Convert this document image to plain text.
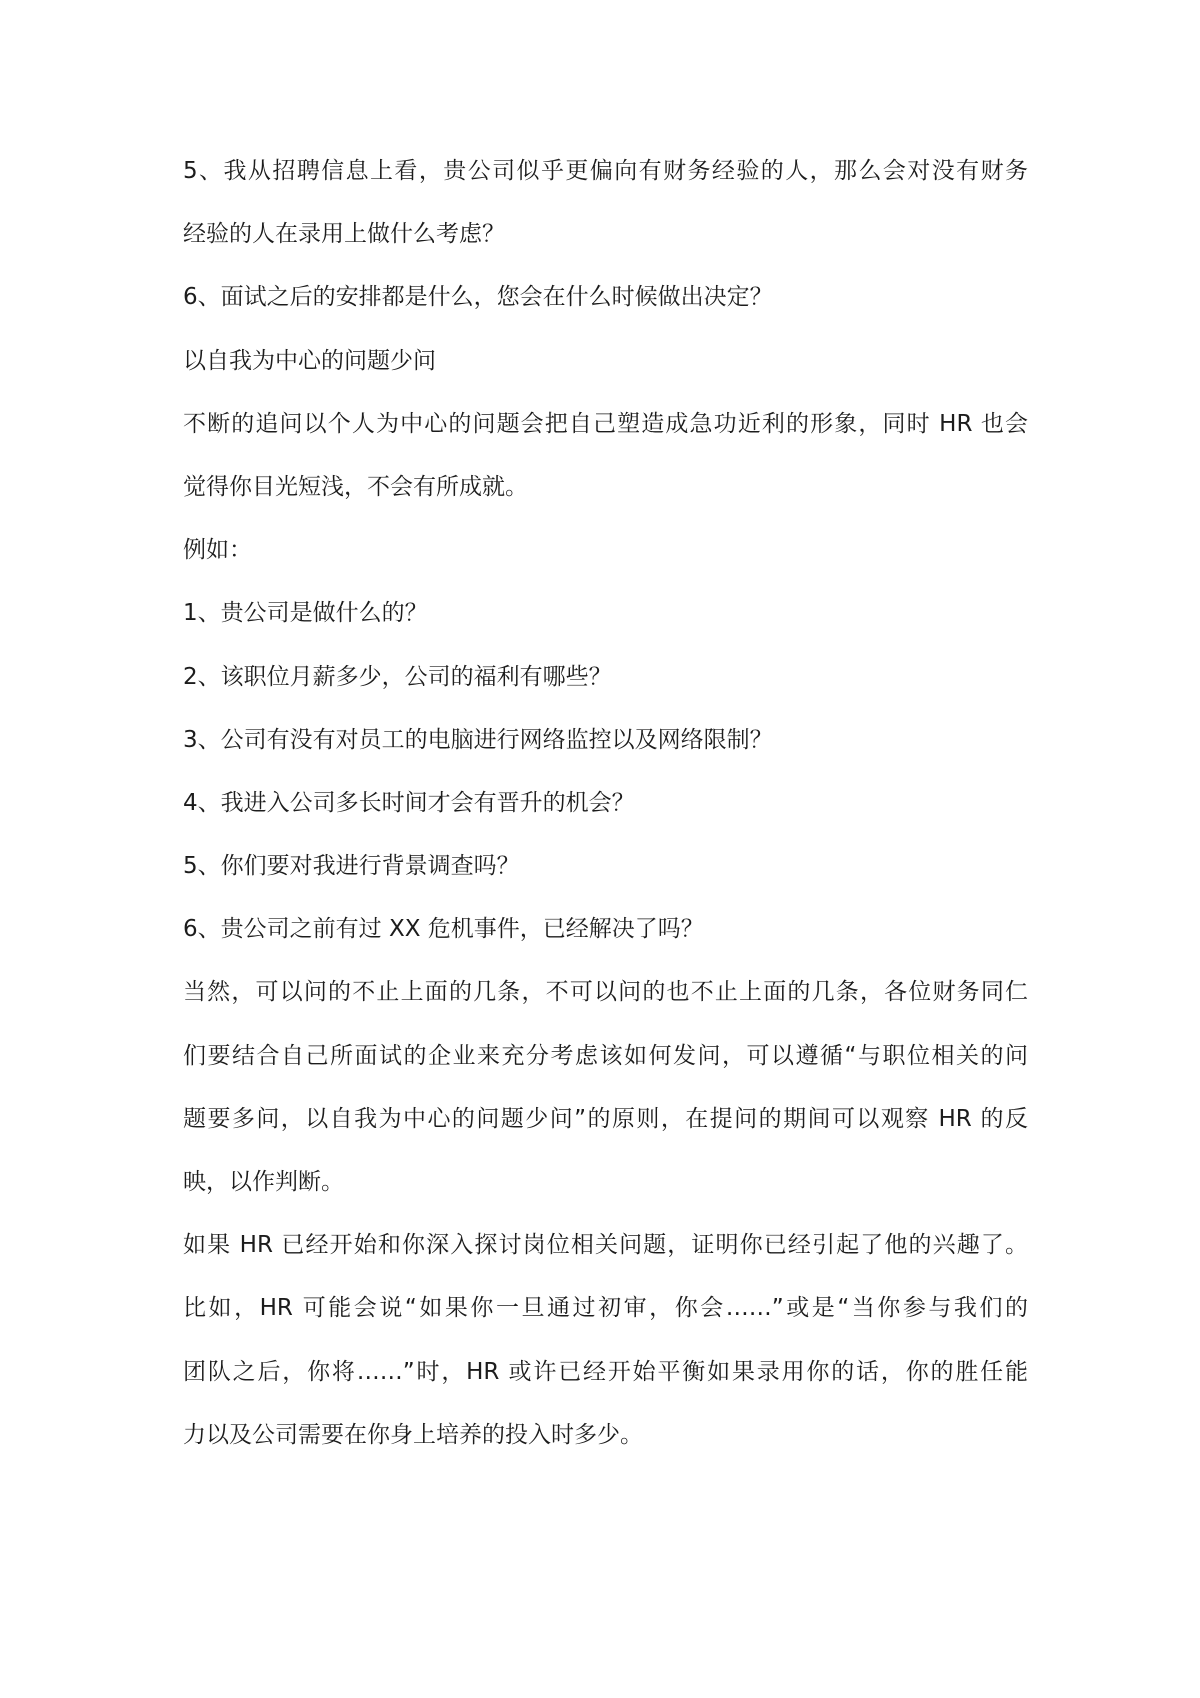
5、我从招聘信息上看，贵公司似乎更偏向有财务经验的人，那么会对没有财务
经验的人在录用上做什么考虑？
6、面试之后的安排都是什么，您会在什么时候做出决定？
以自我为中心的问题少问
不断的追问以个人为中心的问题会把自己塑造成急功近利的形象，同时 HR 也会
觉得你目光短浅，不会有所成就。
例如：
1、贵公司是做什么的？
2、该职位月薪多少，公司的福利有哪些？
3、公司有没有对员工的电脑进行网络监控以及网络限制？
4、我进入公司多长时间才会有晋升的机会？
5、你们要对我进行背景调查吗？
6、贵公司之前有过 XX 危机事件，已经解决了吗？
当然，可以问的不止上面的几条，不可以问的也不止上面的几条，各位财务同仁
们要结合自己所面试的企业来充分考虑该如何发问，可以遵循“与职位相关的问
题要多问，以自我为中心的问题少问”的原则，在提问的期间可以观察 HR 的反
映，以作判断。
如果 HR 已经开始和你深入探讨岗位相关问题，证明你已经引起了他的兴趣了。
比如，HR 可能会说“如果你一旦通过初审，你会……”或是“当你参与我们的
团队之后，你将……”时，HR 或许已经开始平衡如果录用你的话，你的胜任能
力以及公司需要在你身上培养的投入时多少。
